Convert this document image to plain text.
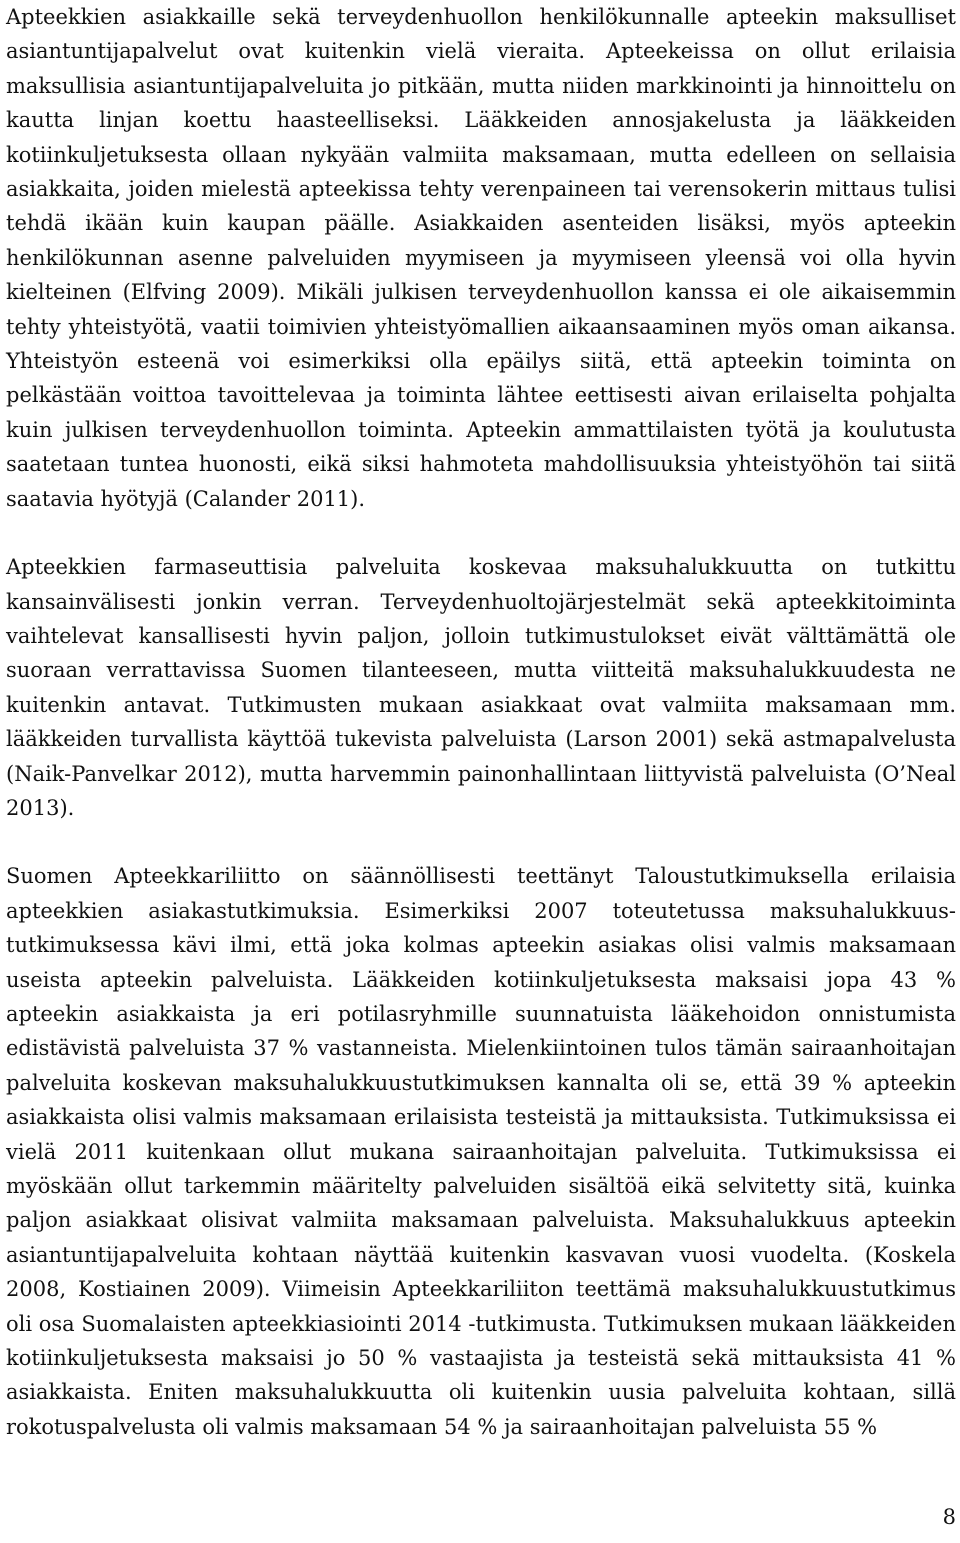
Apteekkien asiakkaille sekä terveydenhuollon henkilökunnalle apteekin maksulliset asiantuntijapalvelut ovat kuitenkin vielä vieraita. Apteekeissa on ollut erilaisia maksullisia asiantuntijapalveluita jo pitkään, mutta niiden markkinointi ja hinnoittelu on kautta linjan koettu haasteelliseksi. Lääkkeiden annosjakelusta ja lääkkeiden kotiinkuljetuksesta ollaan nykyään valmiita maksamaan, mutta edelleen on sellaisia asiakkaita, joiden mielestä apteekissa tehty verenpaineen tai verensokerin mittaus tulisi tehdä ikään kuin kaupan päälle. Asiakkaiden asenteiden lisäksi, myös apteekin henkilökunnan asenne palveluiden myymiseen ja myymiseen yleensä voi olla hyvin kielteinen (Elfving 2009). Mikäli julkisen terveydenhuollon kanssa ei ole aikaisemmin tehty yhteistyötä, vaatii toimivien yhteistyömallien aikaansaaminen myös oman aikansa. Yhteistyön esteenä voi esimerkiksi olla epäilys siitä, että apteekin toiminta on pelkästään voittoa tavoittelevaa ja toiminta lähtee eettisesti aivan erilaiselta pohjalta kuin julkisen terveydenhuollon toiminta. Apteekin ammattilaisten työtä ja koulutusta saatetaan tuntea huonosti, eikä siksi hahmoteta mahdollisuuksia yhteistyöhön tai siitä saatavia hyötyjä (Calander 2011).

Apteekkien farmaseuttisia palveluita koskevaa maksuhalukkuutta on tutkittu kansainvälisesti jonkin verran. Terveydenhuoltojärjestelmät sekä apteekkitoiminta vaihtelevat kansallisesti hyvin paljon, jolloin tutkimustulokset eivät välttämättä ole suoraan verrattavissa Suomen tilanteeseen, mutta viitteitä maksuhalukkuudesta ne kuitenkin antavat. Tutkimusten mukaan asiakkaat ovat valmiita maksamaan mm. lääkkeiden turvallista käyttöä tukevista palveluista (Larson 2001) sekä astmapalvelusta (Naik-Panvelkar 2012), mutta harvemmin painonhallintaan liittyvistä palveluista (O’Neal 2013).

Suomen Apteekkariliitto on säännöllisesti teettänyt Taloustutkimuksella erilaisia apteekkien asiakastutkimuksia. Esimerkiksi 2007 toteutetussa maksuhalukkuustutkimuksessa kävi ilmi, että joka kolmas apteekin asiakas olisi valmis maksamaan useista apteekin palveluista. Lääkkeiden kotiinkuljetuksesta maksaisi jopa 43 % apteekin asiakkaista ja eri potilasryhmille suunnatuista lääkehoidon onnistumista edistävistä palveluista 37 % vastanneista. Mielenkiintoinen tulos tämän sairaanhoitajan palveluita koskevan maksuhalukkuustutkimuksen kannalta oli se, että 39 % apteekin asiakkaista olisi valmis maksamaan erilaisista testeistä ja mittauksista. Tutkimuksissa ei vielä 2011 kuitenkaan ollut mukana sairaanhoitajan palveluita. Tutkimuksissa ei myöskään ollut tarkemmin määritelty palveluiden sisältöä eikä selvitetty sitä, kuinka paljon asiakkaat olisivat valmiita maksamaan palveluista. Maksuhalukkuus apteekin asiantuntijapalveluita kohtaan näyttää kuitenkin kasvavan vuosi vuodelta. (Koskela 2008, Kostiainen 2009). Viimeisin Apteekkariliiton teettämä maksuhalukkuustutkimus oli osa Suomalaisten apteekkiasiointi 2014 -tutkimusta. Tutkimuksen mukaan lääkkeiden kotiinkuljetuksesta maksaisi jo 50 % vastaajista ja testeistä sekä mittauksista 41 % asiakkaista. Eniten maksuhalukkuutta oli kuitenkin uusia palveluita kohtaan, sillä rokotuspalvelusta oli valmis maksamaan 54 % ja sairaanhoitajan palveluista 55 %

8
